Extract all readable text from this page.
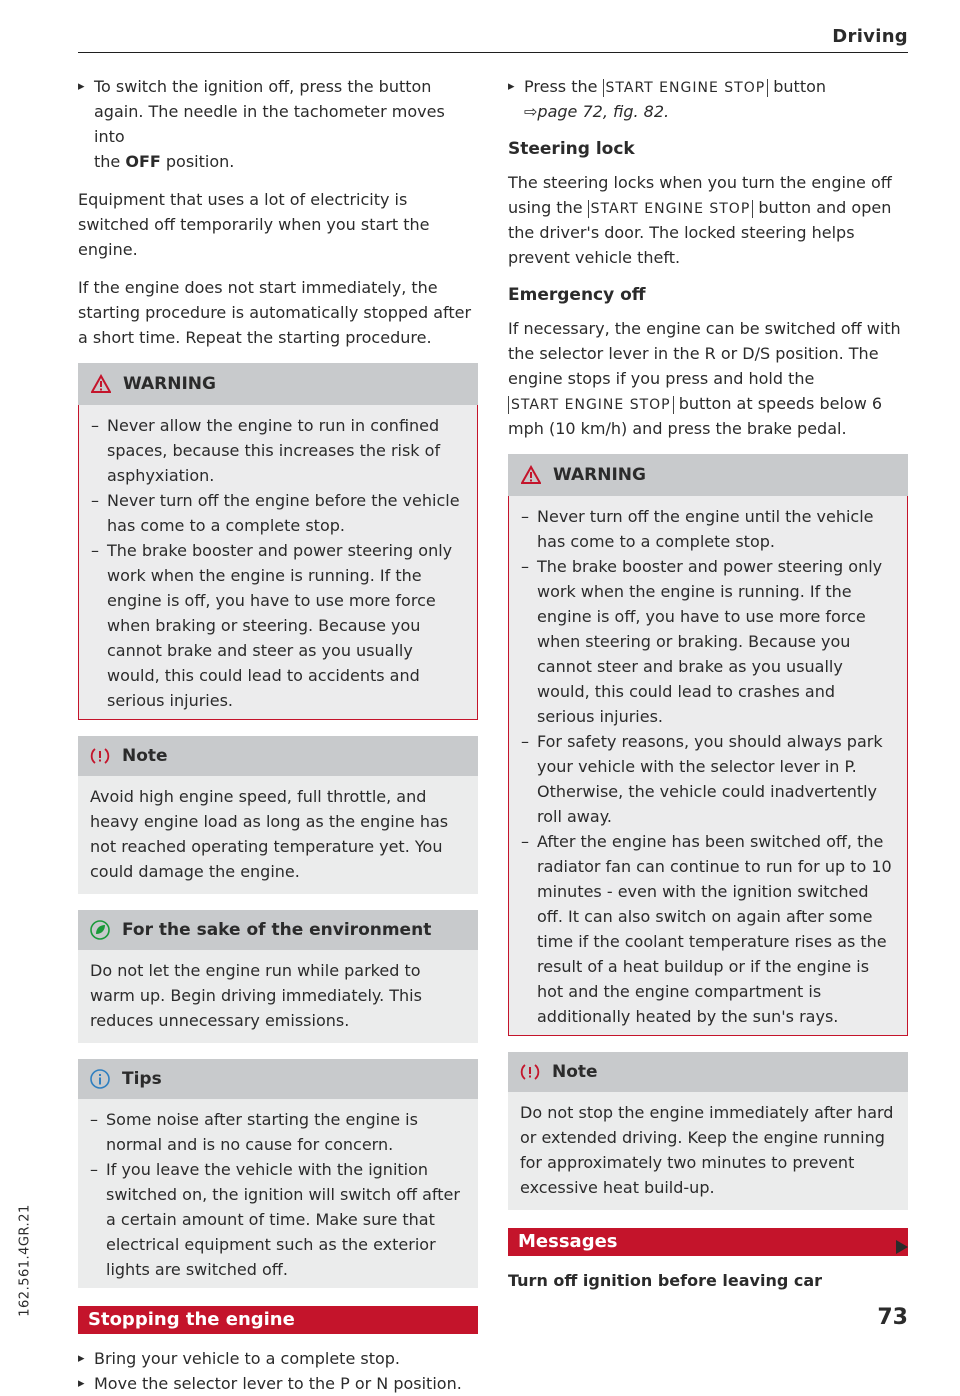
Driving
▸ To switch the ignition off, press the button
again. The needle in the tachometer moves into
the OFF position.

Equipment that uses a lot of electricity is switched off temporarily when you start the engine.

If the engine does not start immediately, the starting procedure is automatically stopped after a short time. Repeat the starting procedure.

WARNING
– Never allow the engine to run in confined spaces, because this increases the risk of asphyxiation.
– Never turn off the engine before the vehicle has come to a complete stop.
– The brake booster and power steering only work when the engine is running. If the engine is off, you have to use more force when braking or steering. Because you cannot brake and steer as you usually would, this could lead to accidents and serious injuries.
Note

Avoid high engine speed, full throttle, and heavy engine load as long as the engine has not reached operating temperature yet. You could damage the engine.

For the sake of the environment

Do not let the engine run while parked to warm up. Begin driving immediately. This reduces unnecessary emissions.

Tips
– Some noise after starting the engine is normal and is no cause for concern.
– If you leave the vehicle with the ignition switched on, the ignition will switch off after a certain amount of time. Make sure that electrical equipment such as the exterior lights are switched off.
Stopping the engine
▸ Bring your vehicle to a complete stop.
▸ Move the selector lever to the P or N position.
▸ Press the START ENGINE STOP button
⇨page 72, fig. 82.
Steering lock

The steering locks when you turn the engine off using the START ENGINE STOP button and open the driver's door. The locked steering helps prevent vehicle theft.

Emergency off

If necessary, the engine can be switched off with the selector lever in the R or D/S position. The engine stops if you press and hold the START ENGINE STOP button at speeds below 6 mph (10 km/h) and press the brake pedal.

WARNING
– Never turn off the engine until the vehicle has come to a complete stop.
– The brake booster and power steering only work when the engine is running. If the engine is off, you have to use more force when steering or braking. Because you cannot steer and brake as you usually would, this could lead to crashes and serious injuries.
– For safety reasons, you should always park your vehicle with the selector lever in P. Otherwise, the vehicle could inadvertently roll away.
– After the engine has been switched off, the radiator fan can continue to run for up to 10 minutes - even with the ignition switched off. It can also switch on again after some time if the coolant temperature rises as the result of a heat buildup or if the engine is hot and the engine compartment is additionally heated by the sun's rays.
Note

Do not stop the engine immediately after hard or extended driving. Keep the engine running for approximately two minutes to prevent excessive heat build-up.

Messages
Turn off ignition before leaving car
162.561.4GR.21
73
